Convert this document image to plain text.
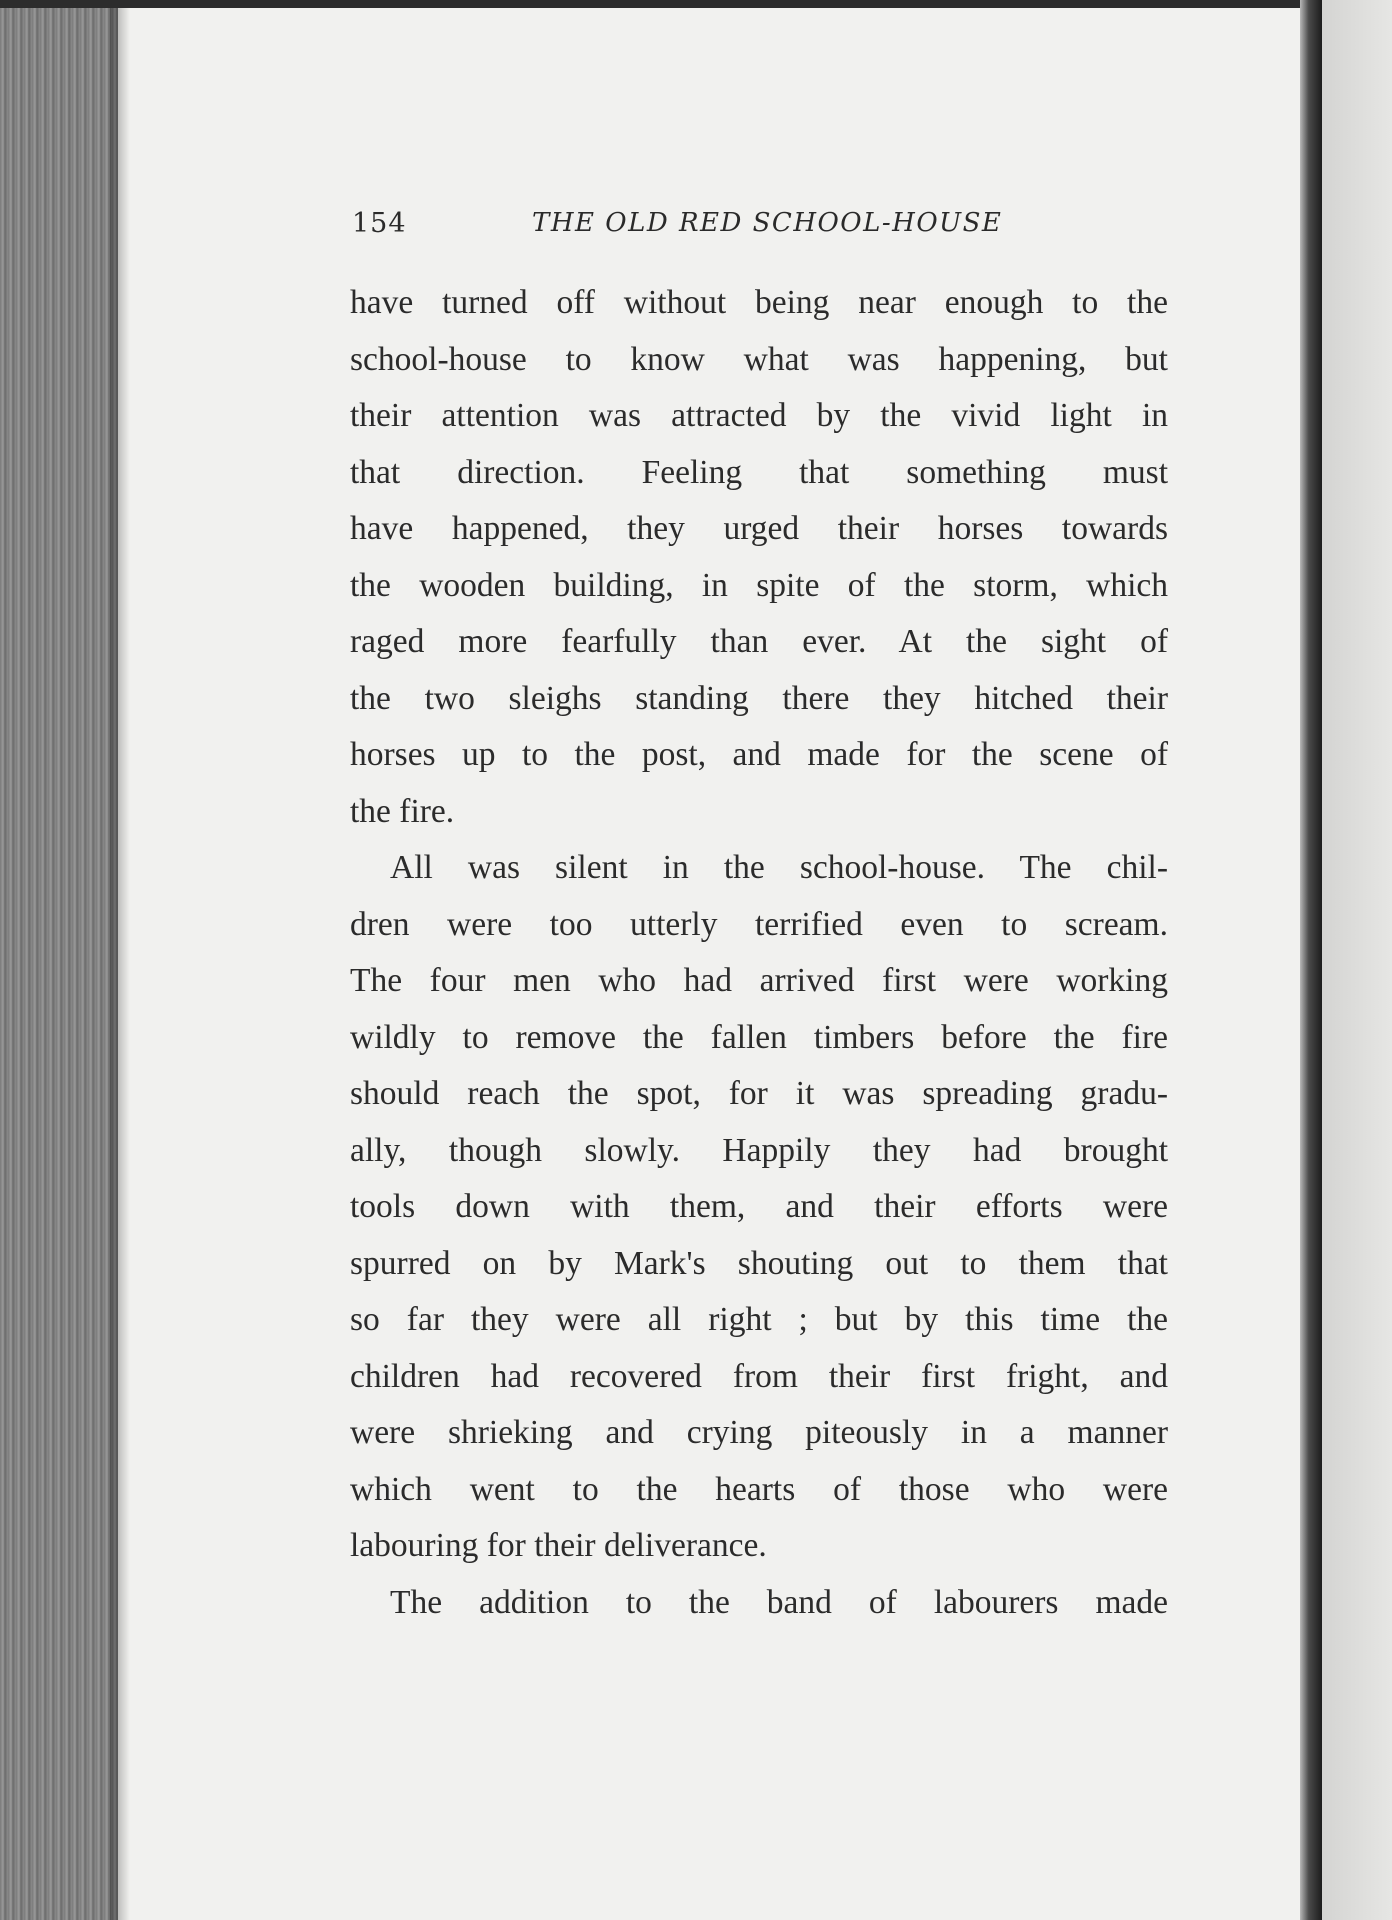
154	THE OLD RED SCHOOL-HOUSE

have turned off without being near enough to the
school-house to know what was happening, but
their attention was attracted by the vivid light in
that direction. Feeling that something must
have happened, they urged their horses towards
the wooden building, in spite of the storm, which
raged more fearfully than ever. At the sight of
the two sleighs standing there they hitched their
horses up to the post, and made for the scene of
the fire.

All was silent in the school-house. The chil-
dren were too utterly terrified even to scream.
The four men who had arrived first were working
wildly to remove the fallen timbers before the fire
should reach the spot, for it was spreading gradu-
ally, though slowly. Happily they had brought
tools down with them, and their efforts were
spurred on by Mark's shouting out to them that
so far they were all right ; but by this time the
children had recovered from their first fright, and
were shrieking and crying piteously in a manner
which went to the hearts of those who were
labouring for their deliverance.

The addition to the band of labourers made
